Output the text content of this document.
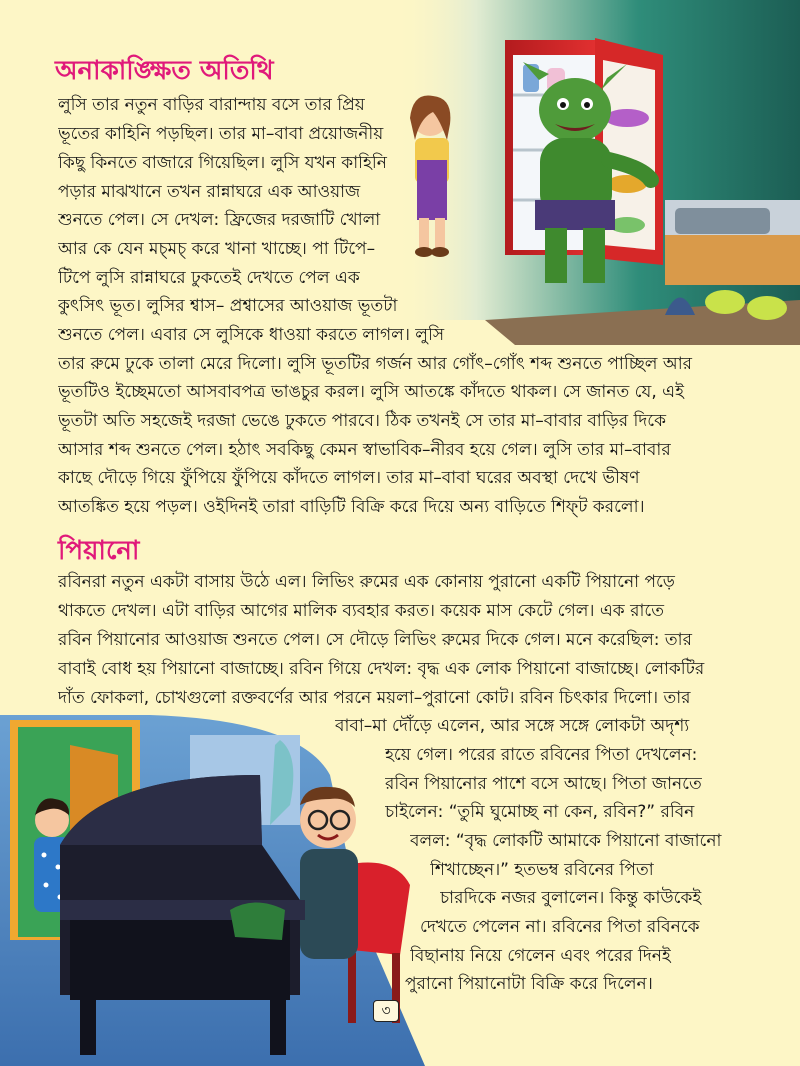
অনাকাঙ্ক্ষিত অতিথি

লুসি তার নতুন বাড়ির বারান্দায় বসে তার প্রিয়

ভূতের কাহিনি পড়ছিল। তার মা–বাবা প্রয়োজনীয়

কিছু কিনতে বাজারে গিয়েছিল। লুসি যখন কাহিনি

পড়ার মাঝখানে তখন রান্নাঘরে এক আওয়াজ

শুনতে পেল। সে দেখল: ফ্রিজের দরজাটি খোলা

আর কে যেন মচ্‌মচ্‌ করে খানা খাচ্ছে। পা টিপে–

টিপে লুসি রান্নাঘরে ঢুকতেই দেখতে পেল এক

কুৎসিৎ ভূত। লুসির শ্বাস– প্রশ্বাসের আওয়াজ ভূতটা

শুনতে পেল। এবার সে লুসিকে ধাওয়া করতে লাগল। লুসি

তার রুমে ঢুকে তালা মেরে দিলো। লুসি ভূতটির গর্জন আর গোঁৎ–গোঁৎ শব্দ শুনতে পাচ্ছিল আর

ভূতটিও ইচ্ছেমতো আসবাবপত্র ভাঙচুর করল। লুসি আতঙ্কে কাঁদতে থাকল। সে জানত যে, এই

ভূতটা অতি সহজেই দরজা ভেঙে ঢুকতে পারবে। ঠিক তখনই সে তার মা–বাবার বাড়ির দিকে

আসার শব্দ শুনতে পেল। হঠাৎ সবকিছু কেমন স্বাভাবিক–নীরব হয়ে গেল। লুসি তার মা–বাবার

কাছে দৌড়ে গিয়ে ফুঁপিয়ে ফুঁপিয়ে কাঁদতে লাগল। তার মা–বাবা ঘরের অবস্থা দেখে ভীষণ

আতঙ্কিত হয়ে পড়ল। ওইদিনই তারা বাড়িটি বিক্রি করে দিয়ে অন্য বাড়িতে শিফ্‌ট করলো।

পিয়ানো

রবিনরা নতুন একটা বাসায় উঠে এল। লিভিং রুমের এক কোনায় পুরানো একটি পিয়ানো পড়ে

থাকতে দেখল। এটা বাড়ির আগের মালিক ব্যবহার করত। কয়েক মাস কেটে গেল। এক রাতে

রবিন পিয়ানোর আওয়াজ শুনতে পেল। সে দৌড়ে লিভিং রুমের দিকে গেল। মনে করেছিল: তার

বাবাই বোধ হয় পিয়ানো বাজাচ্ছে। রবিন গিয়ে দেখল: বৃদ্ধ এক লোক পিয়ানো বাজাচ্ছে। লোকটির

দাঁত ফোকলা, চোখগুলো রক্তবর্ণের আর পরনে ময়লা–পুরানো কোট। রবিন চিৎকার দিলো। তার

বাবা–মা দৌঁড়ে এলেন, আর সঙ্গে সঙ্গে লোকটা অদৃশ্য

হয়ে গেল। পরের রাতে রবিনের পিতা দেখলেন:

রবিন পিয়ানোর পাশে বসে আছে। পিতা জানতে

চাইলেন: “তুমি ঘুমোচ্ছ না কেন, রবিন?” রবিন

বলল: “বৃদ্ধ লোকটি আমাকে পিয়ানো বাজানো

শিখাচ্ছেন।” হতভম্ব রবিনের পিতা

চারদিকে নজর বুলালেন। কিন্তু কাউকেই

দেখতে পেলেন না। রবিনের পিতা রবিনকে

বিছানায় নিয়ে গেলেন এবং পরের দিনই

পুরানো পিয়ানোটা বিক্রি করে দিলেন।

৩
